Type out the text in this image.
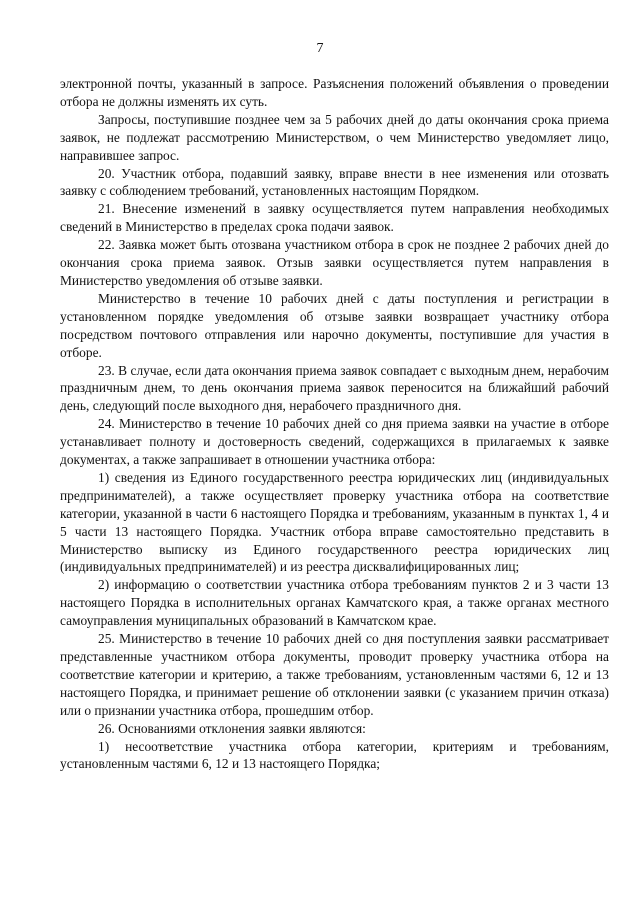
7

электронной почты, указанный в запросе. Разъяснения положений объявления о проведении отбора не должны изменять их суть.

Запросы, поступившие позднее чем за 5 рабочих дней до даты окончания срока приема заявок, не подлежат рассмотрению Министерством, о чем Министерство уведомляет лицо, направившее запрос.

20. Участник отбора, подавший заявку, вправе внести в нее изменения или отозвать заявку с соблюдением требований, установленных настоящим Порядком.

21. Внесение изменений в заявку осуществляется путем направления необходимых сведений в Министерство в пределах срока подачи заявок.

22. Заявка может быть отозвана участником отбора в срок не позднее 2 рабочих дней до окончания срока приема заявок. Отзыв заявки осуществляется путем направления в Министерство уведомления об отзыве заявки.

Министерство в течение 10 рабочих дней с даты поступления и регистрации в установленном порядке уведомления об отзыве заявки возвращает участнику отбора посредством почтового отправления или нарочно документы, поступившие для участия в отборе.

23. В случае, если дата окончания приема заявок совпадает с выходным днем, нерабочим праздничным днем, то день окончания приема заявок переносится на ближайший рабочий день, следующий после выходного дня, нерабочего праздничного дня.

24. Министерство в течение 10 рабочих дней со дня приема заявки на участие в отборе устанавливает полноту и достоверность сведений, содержащихся в прилагаемых к заявке документах, а также запрашивает в отношении участника отбора:

1) сведения из Единого государственного реестра юридических лиц (индивидуальных предпринимателей), а также осуществляет проверку участника отбора на соответствие категории, указанной в части 6 настоящего Порядка и требованиям, указанным в пунктах 1, 4 и 5 части 13 настоящего Порядка. Участник отбора вправе самостоятельно представить в Министерство выписку из Единого государственного реестра юридических лиц (индивидуальных предпринимателей) и из реестра дисквалифицированных лиц;

2) информацию о соответствии участника отбора требованиям пунктов 2 и 3 части 13 настоящего Порядка в исполнительных органах Камчатского края, а также органах местного самоуправления муниципальных образований в Камчатском крае.

25. Министерство в течение 10 рабочих дней со дня поступления заявки рассматривает представленные участником отбора документы, проводит проверку участника отбора на соответствие категории и критерию, а также требованиям, установленным частями 6, 12 и 13 настоящего Порядка, и принимает решение об отклонении заявки (с указанием причин отказа) или о признании участника отбора, прошедшим отбор.

26. Основаниями отклонения заявки являются:

1) несоответствие участника отбора категории, критериям и требованиям, установленным частями 6, 12 и 13 настоящего Порядка;
